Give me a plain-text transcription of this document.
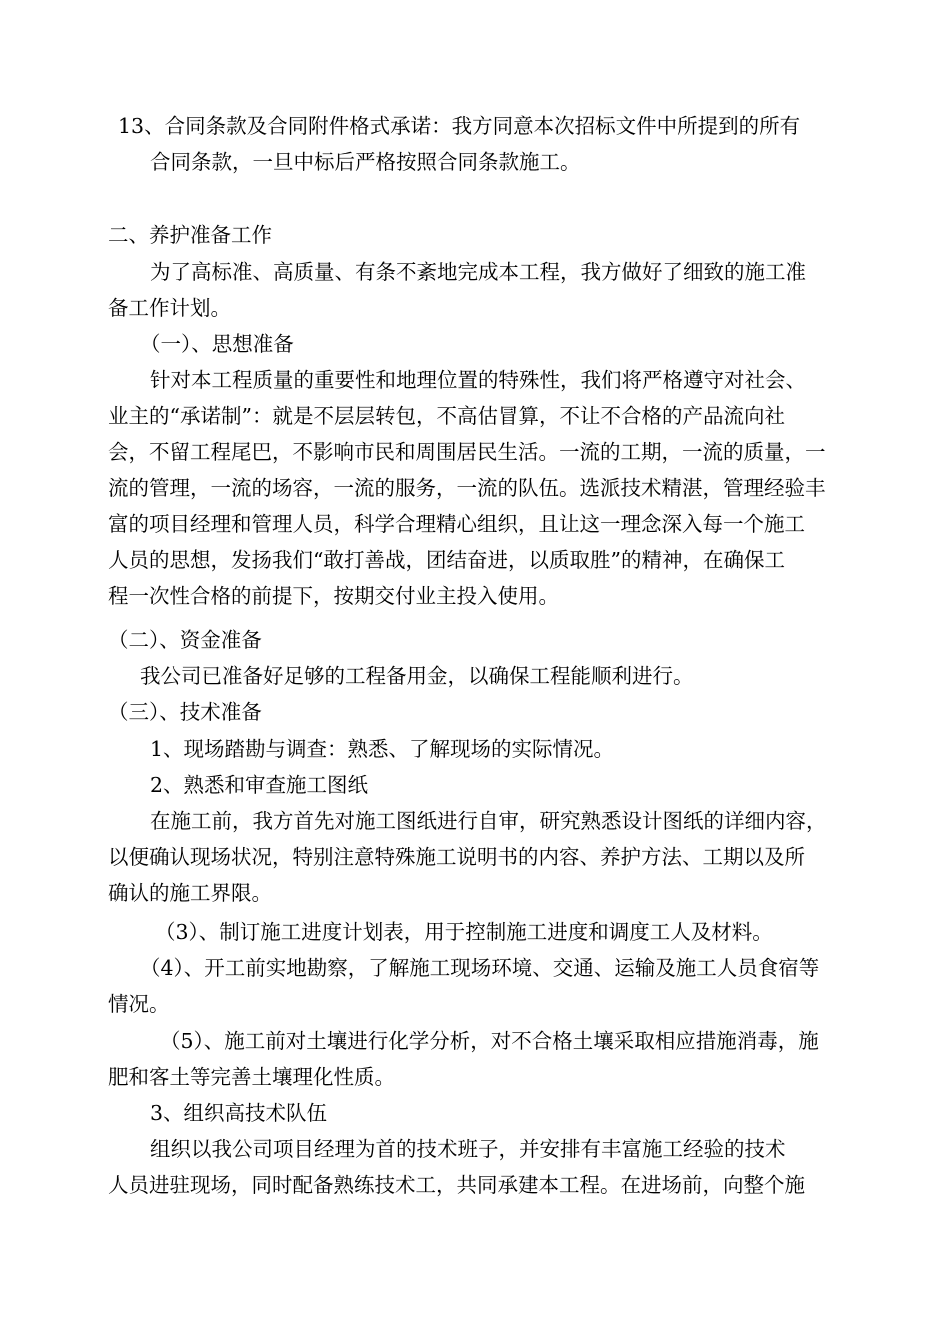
13、合同条款及合同附件格式承诺：我方同意本次招标文件中所提到的所有
合同条款，一旦中标后严格按照合同条款施工。
二、养护准备工作
为了高标准、高质量、有条不紊地完成本工程，我方做好了细致的施工准
备工作计划。
（一）、思想准备
针对本工程质量的重要性和地理位置的特殊性，我们将严格遵守对社会、
业主的“承诺制”：就是不层层转包，不高估冒算，不让不合格的产品流向社
会，不留工程尾巴，不影响市民和周围居民生活。一流的工期，一流的质量，一
流的管理，一流的场容，一流的服务，一流的队伍。选派技术精湛，管理经验丰
富的项目经理和管理人员，科学合理精心组织，且让这一理念深入每一个施工
人员的思想，发扬我们“敢打善战，团结奋进，以质取胜”的精神，在确保工
程一次性合格的前提下，按期交付业主投入使用。
（二）、资金准备
我公司已准备好足够的工程备用金，以确保工程能顺利进行。
（三）、技术准备
1、现场踏勘与调查：熟悉、了解现场的实际情况。
2、熟悉和审查施工图纸
在施工前，我方首先对施工图纸进行自审，研究熟悉设计图纸的详细内容，
以便确认现场状况，特别注意特殊施工说明书的内容、养护方法、工期以及所
确认的施工界限。
（3）、制订施工进度计划表，用于控制施工进度和调度工人及材料。
（4）、开工前实地勘察，了解施工现场环境、交通、运输及施工人员食宿等
情况。
（5）、施工前对土壤进行化学分析，对不合格土壤采取相应措施消毒，施
肥和客土等完善土壤理化性质。
3、组织高技术队伍
组织以我公司项目经理为首的技术班子，并安排有丰富施工经验的技术
人员进驻现场，同时配备熟练技术工，共同承建本工程。在进场前，向整个施
